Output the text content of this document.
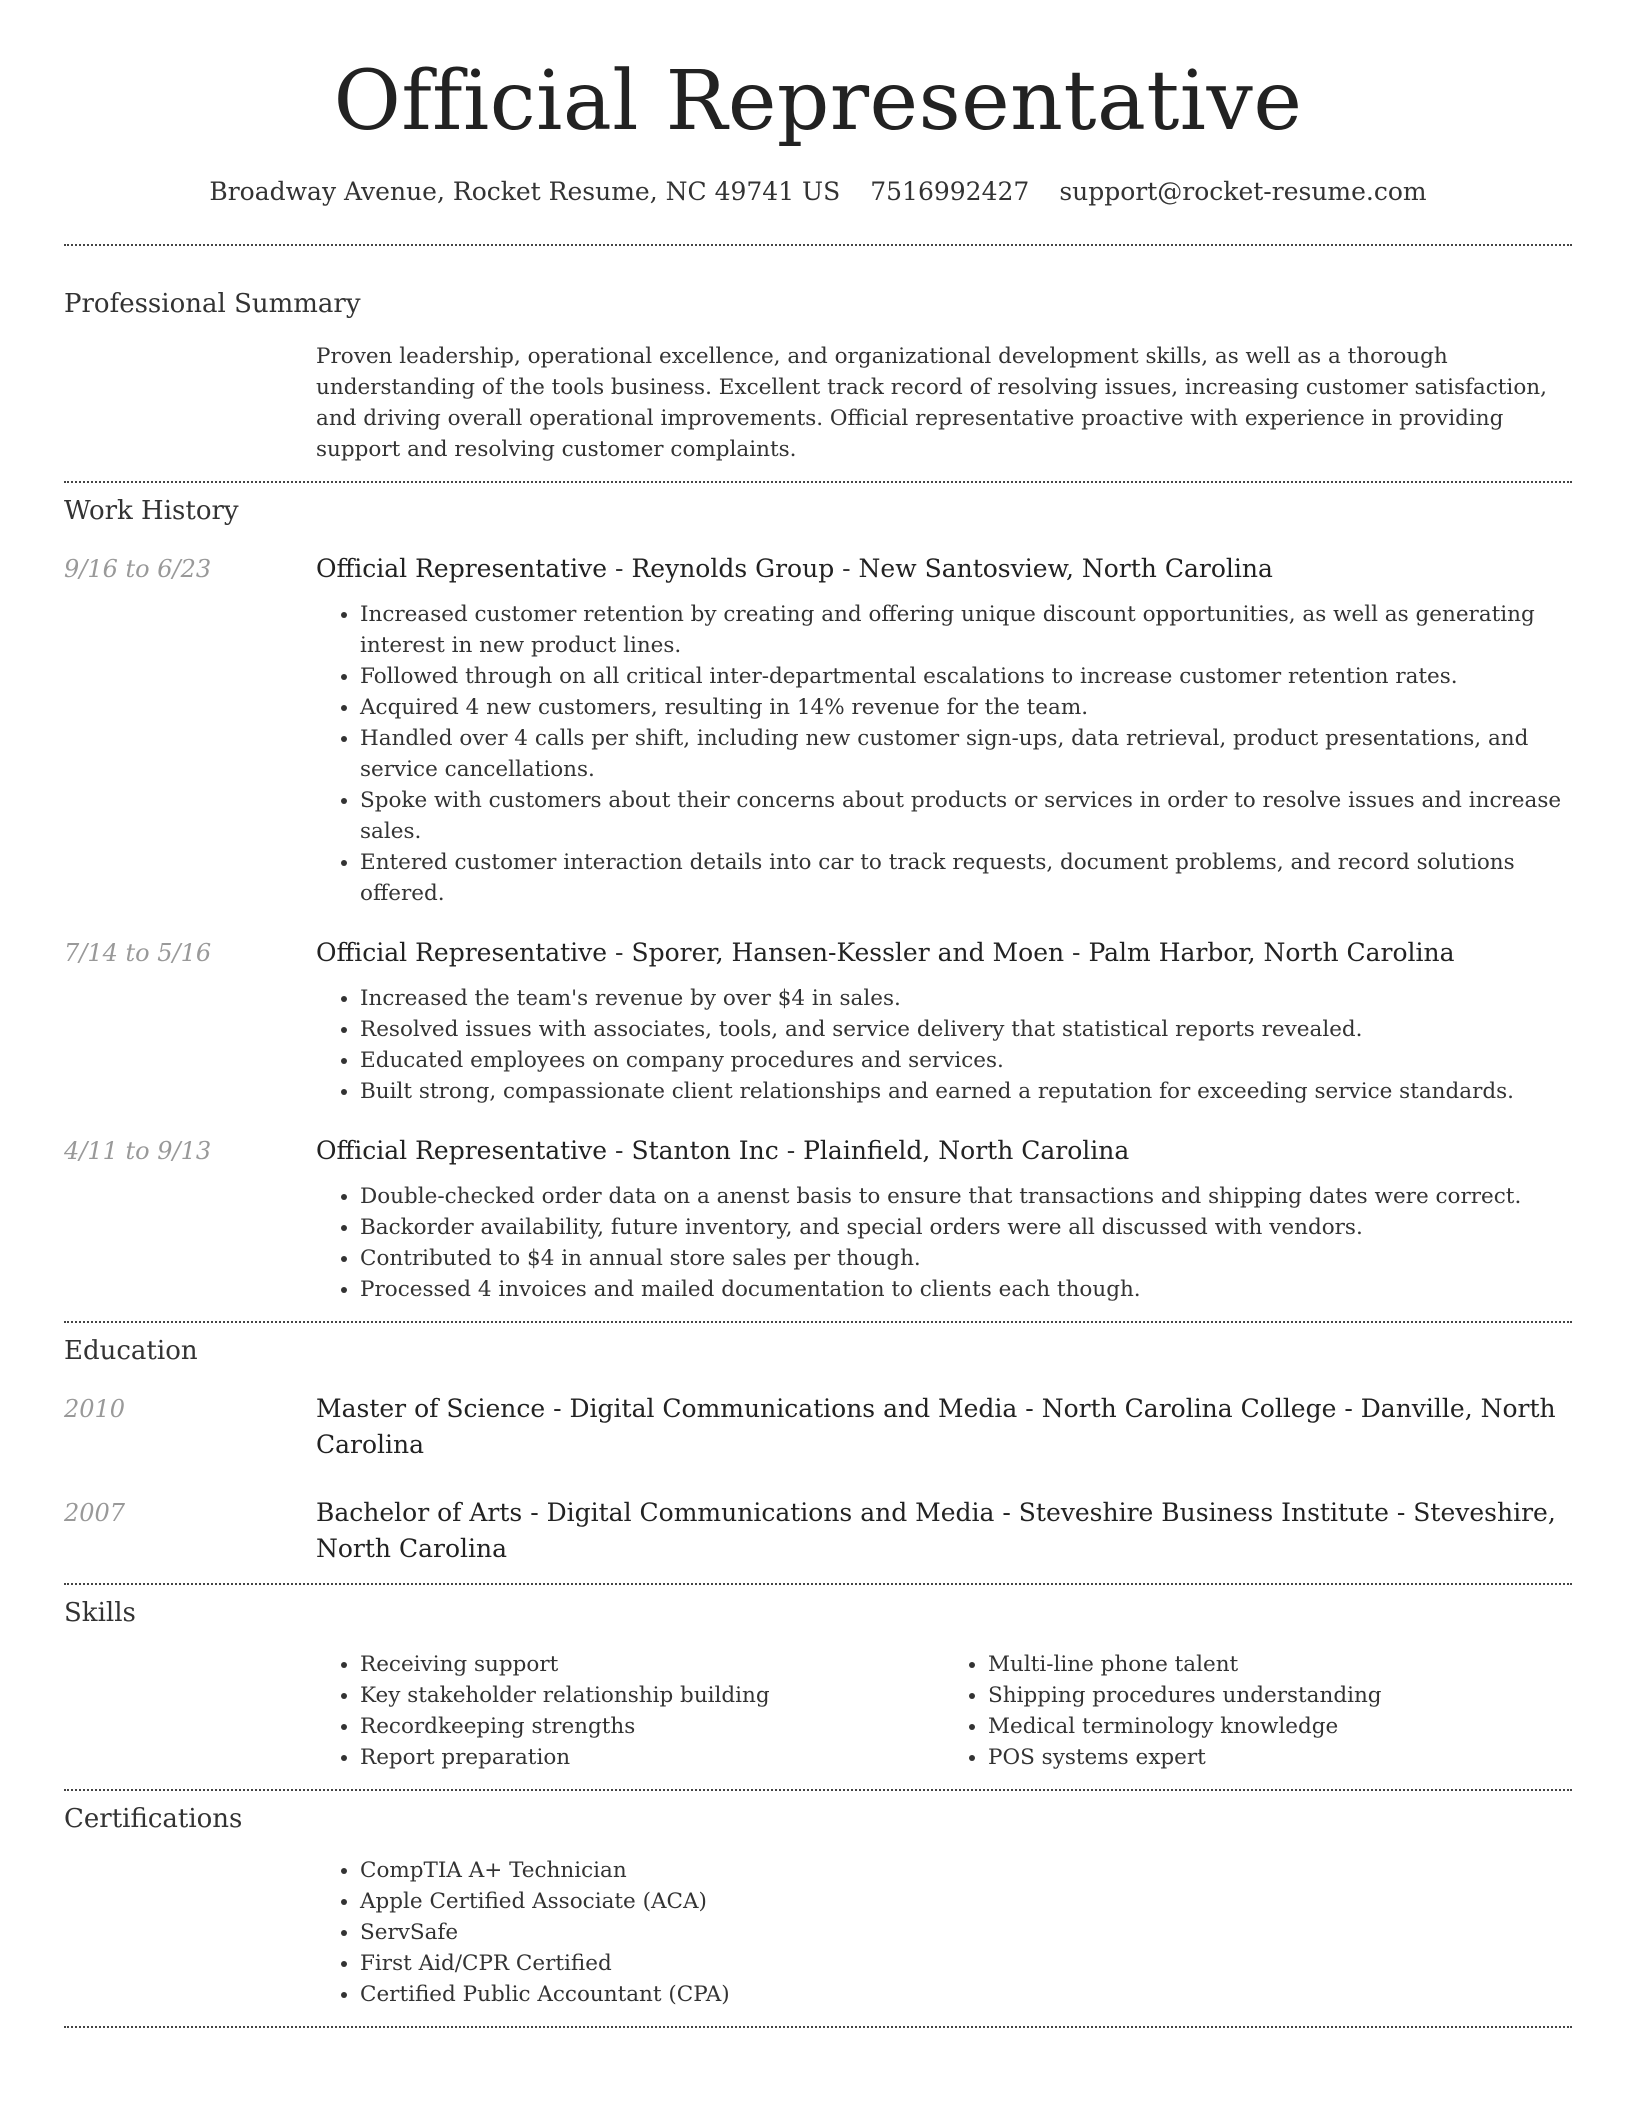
Official Representative
Broadway Avenue, Rocket Resume, NC 49741 US 7516992427 support@rocket-resume.com
Professional Summary
Proven leadership, operational excellence, and organizational development skills, as well as a thorough understanding of the tools business. Excellent track record of resolving issues, increasing customer satisfaction, and driving overall operational improvements. Official representative proactive with experience in providing support and resolving customer complaints.
Work History
9/16 to 6/23	Official Representative - Reynolds Group - New Santosview, North Carolina
• Increased customer retention by creating and offering unique discount opportunities, as well as generating interest in new product lines.
• Followed through on all critical inter-departmental escalations to increase customer retention rates.
• Acquired 4 new customers, resulting in 14% revenue for the team.
• Handled over 4 calls per shift, including new customer sign-ups, data retrieval, product presentations, and service cancellations.
• Spoke with customers about their concerns about products or services in order to resolve issues and increase sales.
• Entered customer interaction details into car to track requests, document problems, and record solutions offered.
7/14 to 5/16	Official Representative - Sporer, Hansen-Kessler and Moen - Palm Harbor, North Carolina
• Increased the team's revenue by over $4 in sales.
• Resolved issues with associates, tools, and service delivery that statistical reports revealed.
• Educated employees on company procedures and services.
• Built strong, compassionate client relationships and earned a reputation for exceeding service standards.
4/11 to 9/13	Official Representative - Stanton Inc - Plainfield, North Carolina
• Double-checked order data on a anenst basis to ensure that transactions and shipping dates were correct.
• Backorder availability, future inventory, and special orders were all discussed with vendors.
• Contributed to $4 in annual store sales per though.
• Processed 4 invoices and mailed documentation to clients each though.
Education
2010	Master of Science - Digital Communications and Media - North Carolina College - Danville, North Carolina
2007	Bachelor of Arts - Digital Communications and Media - Steveshire Business Institute - Steveshire, North Carolina
Skills
• Receiving support
• Key stakeholder relationship building
• Recordkeeping strengths
• Report preparation
• Multi-line phone talent
• Shipping procedures understanding
• Medical terminology knowledge
• POS systems expert
Certifications
• CompTIA A+ Technician
• Apple Certified Associate (ACA)
• ServSafe
• First Aid/CPR Certified
• Certified Public Accountant (CPA)
